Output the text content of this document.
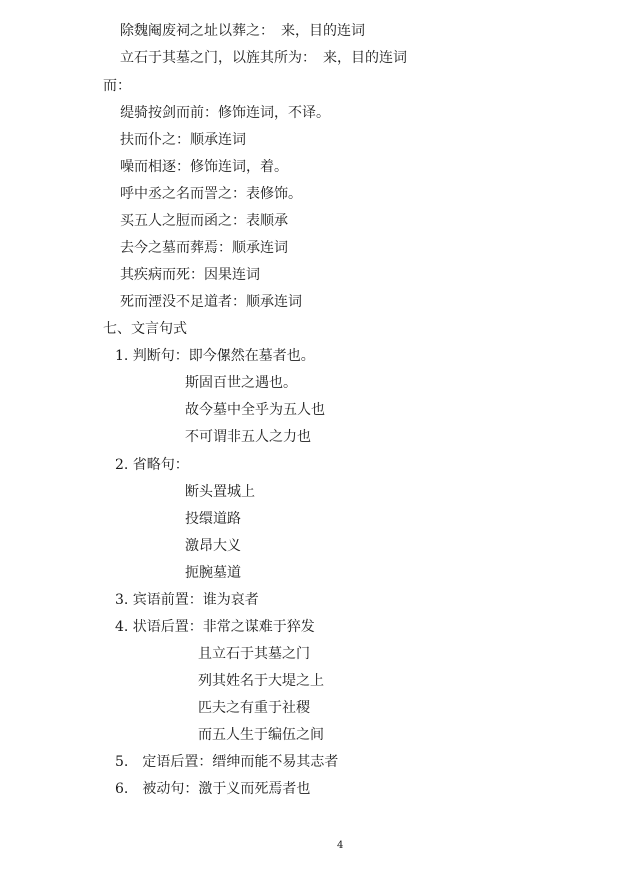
除魏阉废祠之址以葬之：　来，目的连词
立石于其墓之门，以旌其所为：　来，目的连词
而：
缇骑按剑而前：修饰连词，不译。
扶而仆之：顺承连词
噪而相逐：修饰连词，着。
呼中丞之名而詈之：表修饰。
买五人之脰而函之：表顺承
去今之墓而葬焉：顺承连词
其疾病而死：因果连词
死而湮没不足道者：顺承连词
七、文言句式
1. 判断句：即今傫然在墓者也。
斯固百世之遇也。
故今墓中全乎为五人也
不可谓非五人之力也
2. 省略句：
断头置城上
投缳道路
激昂大义
扼腕墓道
3. 宾语前置：谁为哀者
4. 状语后置：非常之谋难于猝发
且立石于其墓之门
列其姓名于大堤之上
匹夫之有重于社稷
而五人生于编伍之间
5.　定语后置：缙绅而能不易其志者
6.　被动句：激于义而死焉者也
4
